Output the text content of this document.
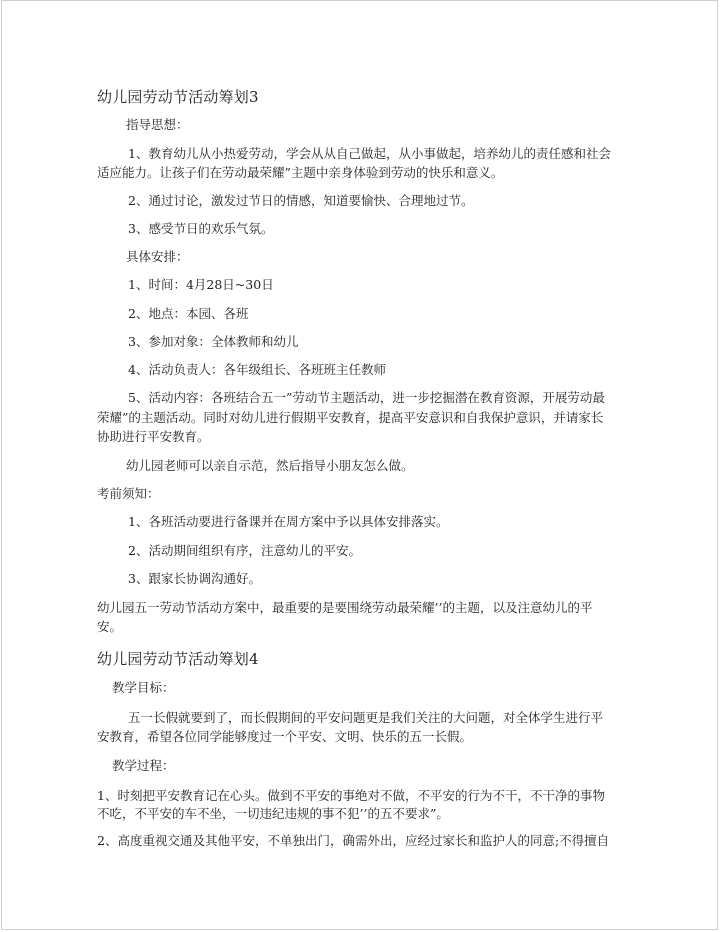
幼儿园劳动节活动筹划3
指导思想：
1、教育幼儿从小热爱劳动，学会从从自己做起，从小事做起，培养幼儿的责任感和社会
适应能力。让孩子们在劳动最荣耀”主题中亲身体验到劳动的快乐和意义。
2、通过讨论，激发过节日的情感，知道要愉快、合理地过节。
3、感受节日的欢乐气氛。
具体安排：
1、时间：4月28日~30日
2、地点：本园、各班
3、参加对象：全体教师和幼儿
4、活动负责人：各年级组长、各班班主任教师
5、活动内容：各班结合五一”劳动节主题活动，进一步挖掘潜在教育资源，开展劳动最
荣耀”的主题活动。同时对幼儿进行假期平安教育，提高平安意识和自我保护意识，并请家长
协助进行平安教育。
幼儿园老师可以亲自示范，然后指导小朋友怎么做。
考前须知：
1、各班活动要进行备课并在周方案中予以具体安排落实。
2、活动期间组织有序，注意幼儿的平安。
3、跟家长协调沟通好。
幼儿园五一劳动节活动方案中，最重要的是要围绕劳动最荣耀’’的主题，以及注意幼儿的平
安。
幼儿园劳动节活动筹划4
教学目标：
五一长假就要到了，而长假期间的平安问题更是我们关注的大问题，对全体学生进行平
安教育，希望各位同学能够度过一个平安、文明、快乐的五一长假。
教学过程：
1、时刻把平安教育记在心头。做到不平安的事绝对不做，不平安的行为不干，不干净的事物
不吃，不平安的车不坐，一切违纪违规的事不犯’’的五不要求”。
2、高度重视交通及其他平安，不单独出门，确需外出，应经过家长和监护人的同意;不得擅自
